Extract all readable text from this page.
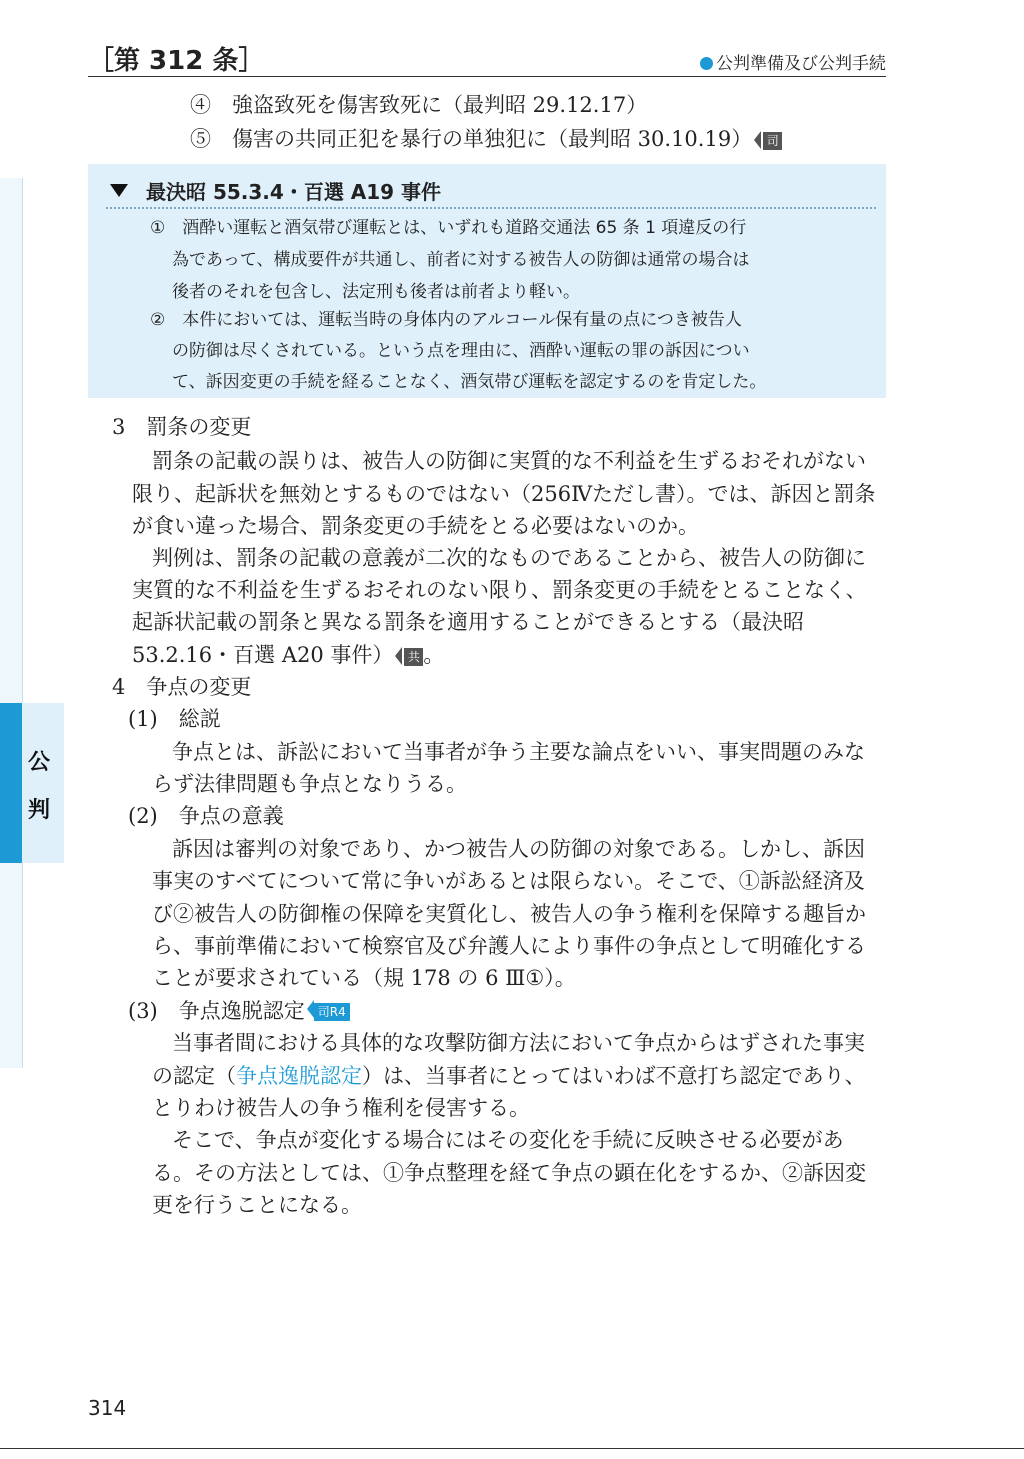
［第 312 条］	公判準備及び公判手続
公
判
④　強盗致死を傷害致死に（最判昭 29.12.17）
⑤　傷害の共同正犯を暴行の単独犯に（最判昭 30.10.19） 司
最決昭 55.3.4・百選 A19 事件
①　酒酔い運転と酒気帯び運転とは、いずれも道路交通法 65 条 1 項違反の行
為であって、構成要件が共通し、前者に対する被告人の防御は通常の場合は
後者のそれを包含し、法定刑も後者は前者より軽い。
②　本件においては、運転当時の身体内のアルコール保有量の点につき被告人
の防御は尽くされている。という点を理由に、酒酔い運転の罪の訴因につい
て、訴因変更の手続を経ることなく、酒気帯び運転を認定するのを肯定した。
3　罰条の変更
罰条の記載の誤りは、被告人の防御に実質的な不利益を生ずるおそれがない
限り、起訴状を無効とするものではない（256Ⅳただし書）。では、訴因と罰条
が食い違った場合、罰条変更の手続をとる必要はないのか。
判例は、罰条の記載の意義が二次的なものであることから、被告人の防御に
実質的な不利益を生ずるおそれのない限り、罰条変更の手続をとることなく、
起訴状記載の罰条と異なる罰条を適用することができるとする（最決昭
53.2.16・百選 A20 事件） 共 。
4　争点の変更
(1)　総説
争点とは、訴訟において当事者が争う主要な論点をいい、事実問題のみな
らず法律問題も争点となりうる。
(2)　争点の意義
訴因は審判の対象であり、かつ被告人の防御の対象である。しかし、訴因
事実のすべてについて常に争いがあるとは限らない。そこで、①訴訟経済及
び②被告人の防御権の保障を実質化し、被告人の争う権利を保障する趣旨か
ら、事前準備において検察官及び弁護人により事件の争点として明確化する
ことが要求されている（規 178 の 6 Ⅲ①）。
(3)　争点逸脱認定 司R4
当事者間における具体的な攻撃防御方法において争点からはずされた事実
の認定（争点逸脱認定）は、当事者にとってはいわば不意打ち認定であり、
とりわけ被告人の争う権利を侵害する。
そこで、争点が変化する場合にはその変化を手続に反映させる必要があ
る。その方法としては、①争点整理を経て争点の顕在化をするか、②訴因変
更を行うことになる。
314
